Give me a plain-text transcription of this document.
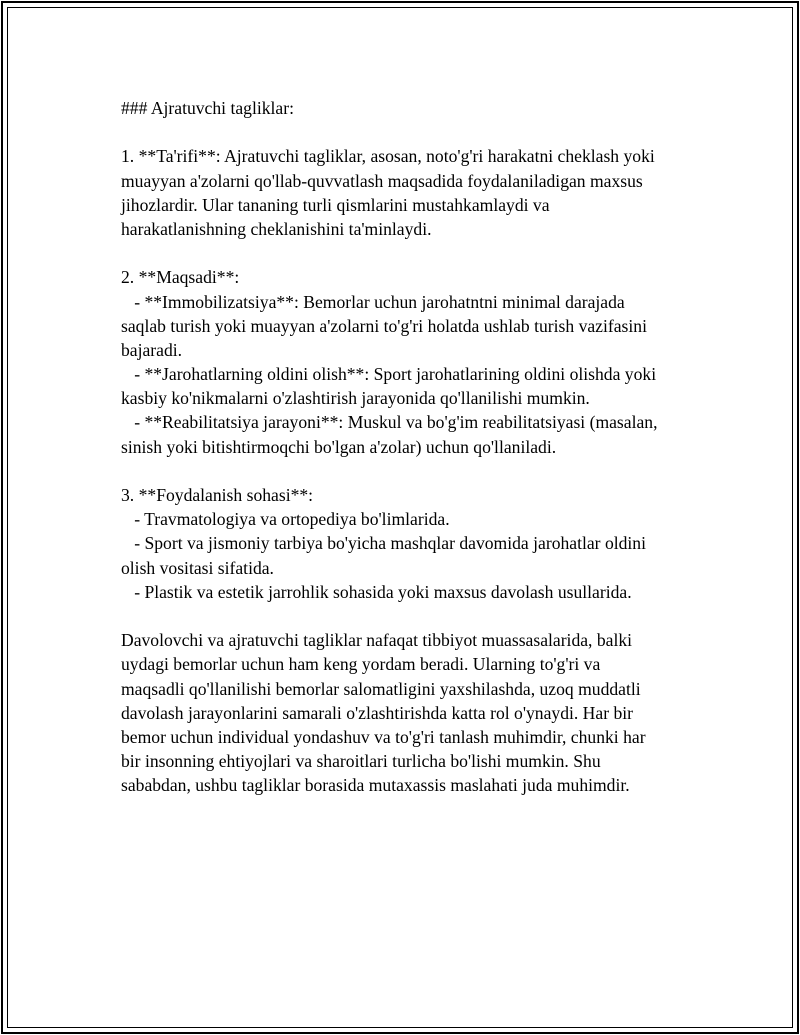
### Ajratuvchi tagliklar:

1. **Ta'rifi**: Ajratuvchi tagliklar, asosan, noto'g'ri harakatni cheklash yoki

muayyan a'zolarni qo'llab-quvvatlash maqsadida foydalaniladigan maxsus

jihozlardir. Ular tananing turli qismlarini mustahkamlaydi va

harakatlanishning cheklanishini ta'minlaydi.

2. **Maqsadi**:

- **Immobilizatsiya**: Bemorlar uchun jarohatntni minimal darajada

saqlab turish yoki muayyan a'zolarni to'g'ri holatda ushlab turish vazifasini

bajaradi.

- **Jarohatlarning oldini olish**: Sport jarohatlarining oldini olishda yoki

kasbiy ko'nikmalarni o'zlashtirish jarayonida qo'llanilishi mumkin.

- **Reabilitatsiya jarayoni**: Muskul va bo'g'im reabilitatsiyasi (masalan,

sinish yoki bitishtirmoqchi bo'lgan a'zolar) uchun qo'llaniladi.

3. **Foydalanish sohasi**:

- Travmatologiya va ortopediya bo'limlarida.

- Sport va jismoniy tarbiya bo'yicha mashqlar davomida jarohatlar oldini

olish vositasi sifatida.

- Plastik va estetik jarrohlik sohasida yoki maxsus davolash usullarida.

Davolovchi va ajratuvchi tagliklar nafaqat tibbiyot muassasalarida, balki

uydagi bemorlar uchun ham keng yordam beradi. Ularning to'g'ri va

maqsadli qo'llanilishi bemorlar salomatligini yaxshilashda, uzoq muddatli

davolash jarayonlarini samarali o'zlashtirishda katta rol o'ynaydi. Har bir

bemor uchun individual yondashuv va to'g'ri tanlash muhimdir, chunki har

bir insonning ehtiyojlari va sharoitlari turlicha bo'lishi mumkin. Shu

sababdan, ushbu tagliklar borasida mutaxassis maslahati juda muhimdir.
